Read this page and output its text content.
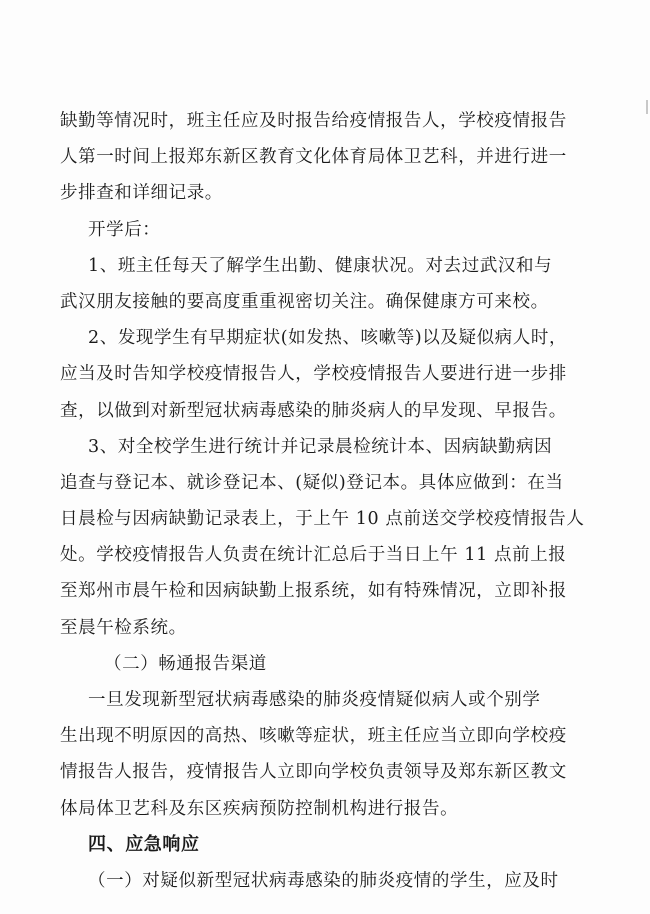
缺勤等情况时，班主任应及时报告给疫情报告人，学校疫情报告
人第一时间上报郑东新区教育文化体育局体卫艺科，并进行进一
步排查和详细记录。
开学后：
1、班主任每天了解学生出勤、健康状况。对去过武汉和与
武汉朋友接触的要高度重重视密切关注。确保健康方可来校。
2、发现学生有早期症状(如发热、咳嗽等)以及疑似病人时，
应当及时告知学校疫情报告人，学校疫情报告人要进行进一步排
查，以做到对新型冠状病毒感染的肺炎病人的早发现、早报告。
3、对全校学生进行统计并记录晨检统计本、因病缺勤病因
追查与登记本、就诊登记本、(疑似)登记本。具体应做到：在当
日晨检与因病缺勤记录表上，于上午 10 点前送交学校疫情报告人
处。学校疫情报告人负责在统计汇总后于当日上午 11 点前上报
至郑州市晨午检和因病缺勤上报系统，如有特殊情况，立即补报
至晨午检系统。
（二）畅通报告渠道
一旦发现新型冠状病毒感染的肺炎疫情疑似病人或个别学
生出现不明原因的高热、咳嗽等症状，班主任应当立即向学校疫
情报告人报告，疫情报告人立即向学校负责领导及郑东新区教文
体局体卫艺科及东区疾病预防控制机构进行报告。
四、应急响应
（一）对疑似新型冠状病毒感染的肺炎疫情的学生，应及时
